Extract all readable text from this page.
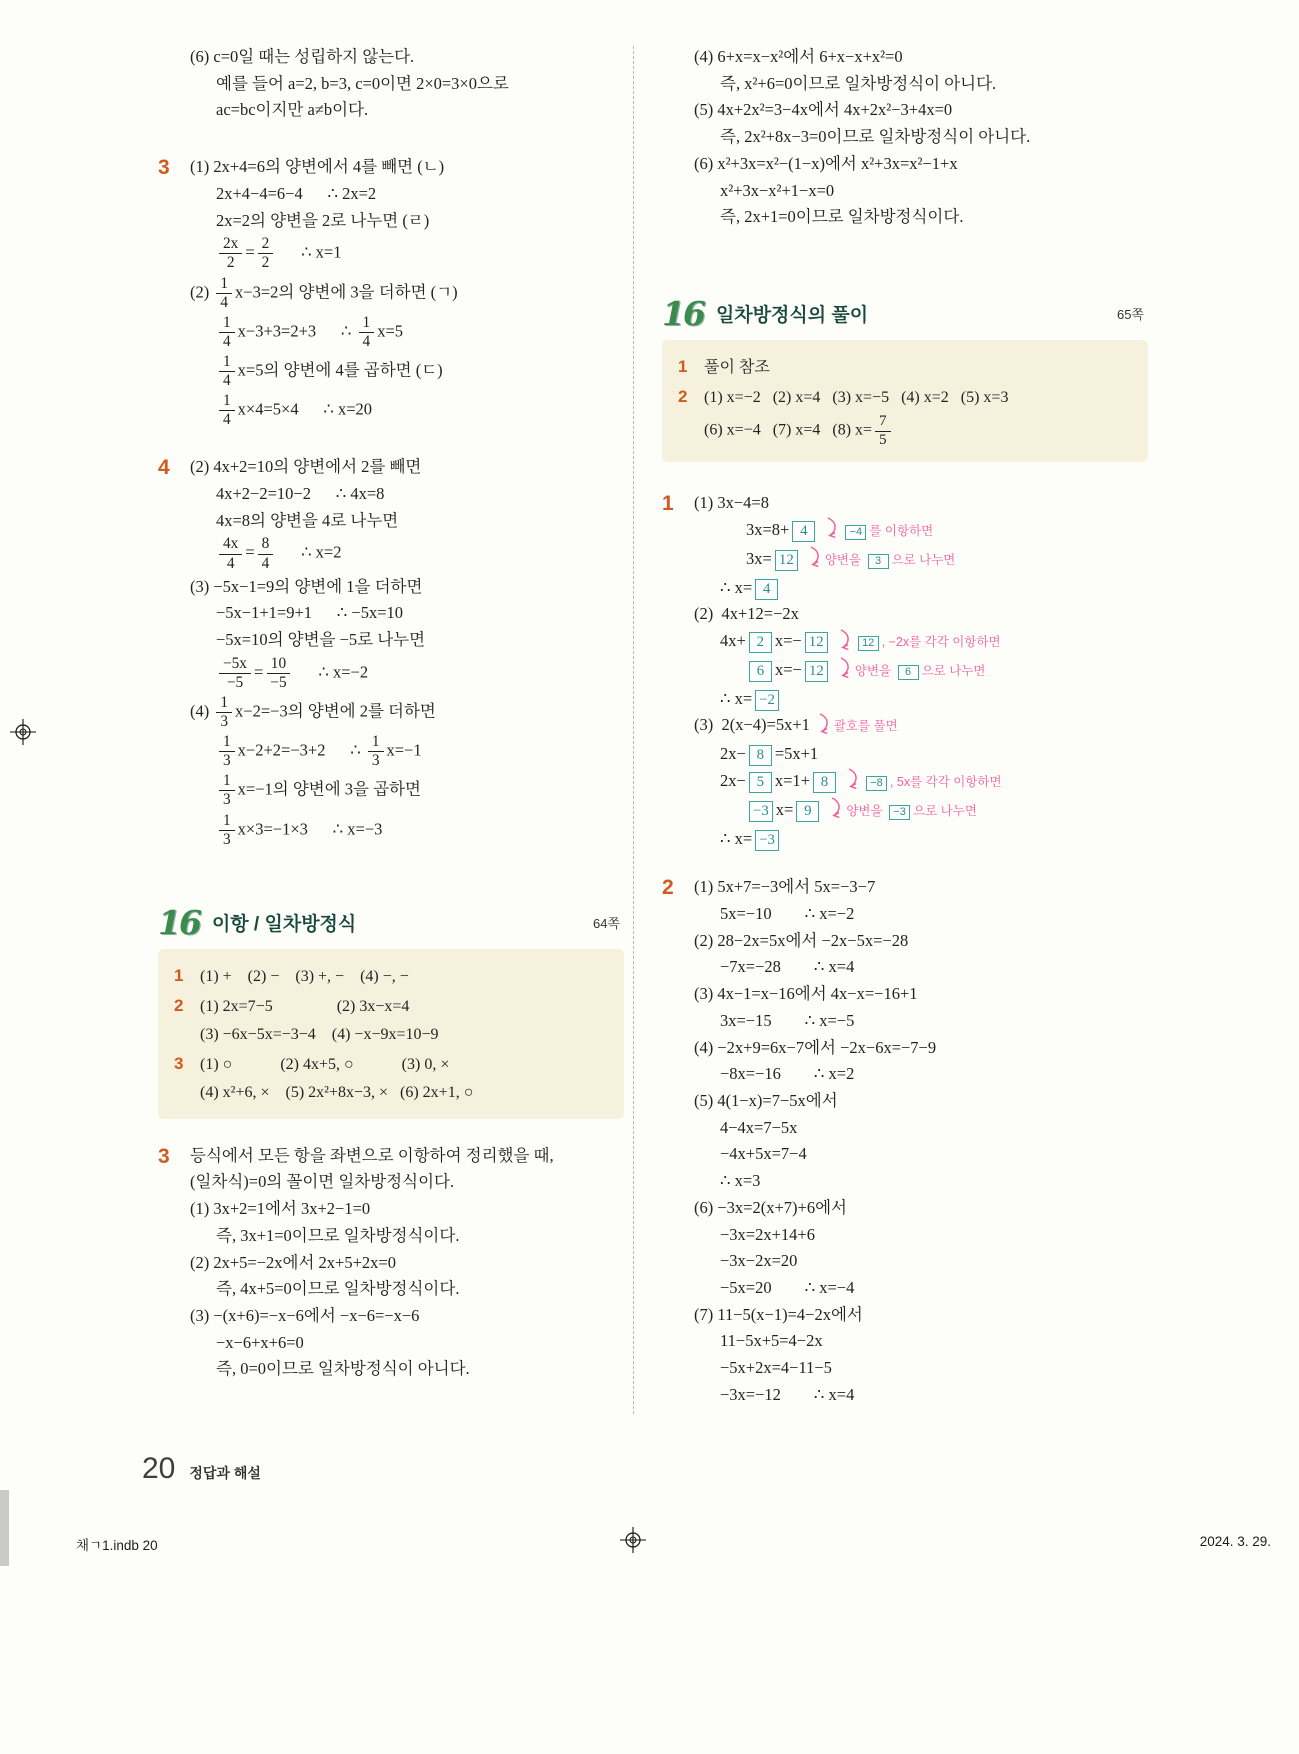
(6) c=0일 때는 성립하지 않는다.
예를 들어 a=2, b=3, c=0이면 2×0=3×0으로
ac=bc이지만 a≠b이다.
3	(1) 2x+4=6의 양변에서 4를 빼면 (ㄴ)
2x+4−4=6−4      ∴ 2x=2
2x=2의 양변을 2로 나누면 (ㄹ)
$\frac{2x}{2} = \frac{2}{2}$ ∴ x=1
$(2) \frac{1}{4} x-3=2$의 양변에 3을 더하면 (ㄱ)
$\frac{1}{4} x-3+3=2+3$      ∴ $\frac{1}{4} x=5$
$\frac{1}{4} x=5$의 양변에 4를 곱하면 (ㄷ)
$\frac{1}{4} x\times 4=5\times 4$      ∴ x=20
4	(2) 4x+2=10의 양변에서 2를 빼면
4x+2−2=10−2      ∴ 4x=8
4x=8의 양변을 4로 나누면
$\frac{4x}{4} = \frac{8}{4}$ ∴ x=2
(3) −5x−1=9의 양변에 1을 더하면
−5x−1+1=9+1      ∴ −5x=10
−5x=10의 양변을 −5로 나누면
$\frac{-5x}{-5} = \frac{10}{-5}$ ∴ x=−2
$(4) \frac{1}{3} x-2=-3$의 양변에 2를 더하면
$\frac{1}{3} x-2+2=-3+2$      ∴ $\frac{1}{3} x=-1$
$\frac{1}{3} x=-1$의 양변에 3을 곱하면
$\frac{1}{3} x\times 3=-1\times 3$      ∴ x=−3
16 이항 / 일차방정식	64쪽
1 (1) +    (2) −    (3) +, −    (4) −, −
2 (1) 2x=7−5                (2) 3x−x=4
(3) −6x−5x=−3−4    (4) −x−9x=10−9
3 (1) ○            (2) 4x+5, ○            (3) 0, ×
(4) x²+6, ×    (5) 2x²+8x−3, ×   (6) 2x+1, ○
3	등식에서 모든 항을 좌변으로 이항하여 정리했을 때,
(일차식)=0의 꼴이면 일차방정식이다.
(1) 3x+2=1에서 3x+2−1=0
즉, 3x+1=0이므로 일차방정식이다.
(2) 2x+5=−2x에서 2x+5+2x=0
즉, 4x+5=0이므로 일차방정식이다.
(3) −(x+6)=−x−6에서 −x−6=−x−6
−x−6+x+6=0
즉, 0=0이므로 일차방정식이 아니다.
(4) 6+x=x−x²에서 6+x−x+x²=0
즉, x²+6=0이므로 일차방정식이 아니다.
(5) 4x+2x²=3−4x에서 4x+2x²−3+4x=0
즉, 2x²+8x−3=0이므로 일차방정식이 아니다.
(6) x²+3x=x²−(1−x)에서 x²+3x=x²−1+x
x²+3x−x²+1−x=0
즉, 2x+1=0이므로 일차방정식이다.
16 일차방정식의 풀이	65쪽
1 풀이 참조
2 (1) x=−2   (2) x=4   (3) x=−5   (4) x=2   (5) x=3
(6) x=−4   (7) x=4   (8) $x= \frac{7}{5}$
1	(1) 3x−4=8
3x=8+ 4	−4 를 이항하면
3x= 12 양변을 3 으로 나누면
∴ x= 4
(2)  4x+12=−2x
4x+ 2 x=− 12	12 , −2x를 각각 이항하면
6 x=− 12 양변을 6 으로 나누면
∴ x= −2
(3)  2(x−4)=5x+1 괄호를 풀면
2x− 8 =5x+1
2x− 5 x=1+ 8	−8 , 5x를 각각 이항하면
−3 x= 9	양변을 −3 으로 나누면
∴ x= −3
2	(1) 5x+7=−3에서 5x=−3−7
5x=−10        ∴ x=−2
(2) 28−2x=5x에서 −2x−5x=−28
−7x=−28        ∴ x=4
(3) 4x−1=x−16에서 4x−x=−16+1
3x=−15        ∴ x=−5
(4) −2x+9=6x−7에서 −2x−6x=−7−9
−8x=−16        ∴ x=2
(5) 4(1−x)=7−5x에서
4−4x=7−5x
−4x+5x=7−4
∴ x=3
(6) −3x=2(x+7)+6에서
−3x=2x+14+6
−3x−2x=20
−5x=20        ∴ x=−4
(7) 11−5(x−1)=4−2x에서
11−5x+5=4−2x
−5x+2x=4−11−5
−3x=−12        ∴ x=4
20 정답과 해설
채ㄱ1.indb 20	2024. 3. 29.
